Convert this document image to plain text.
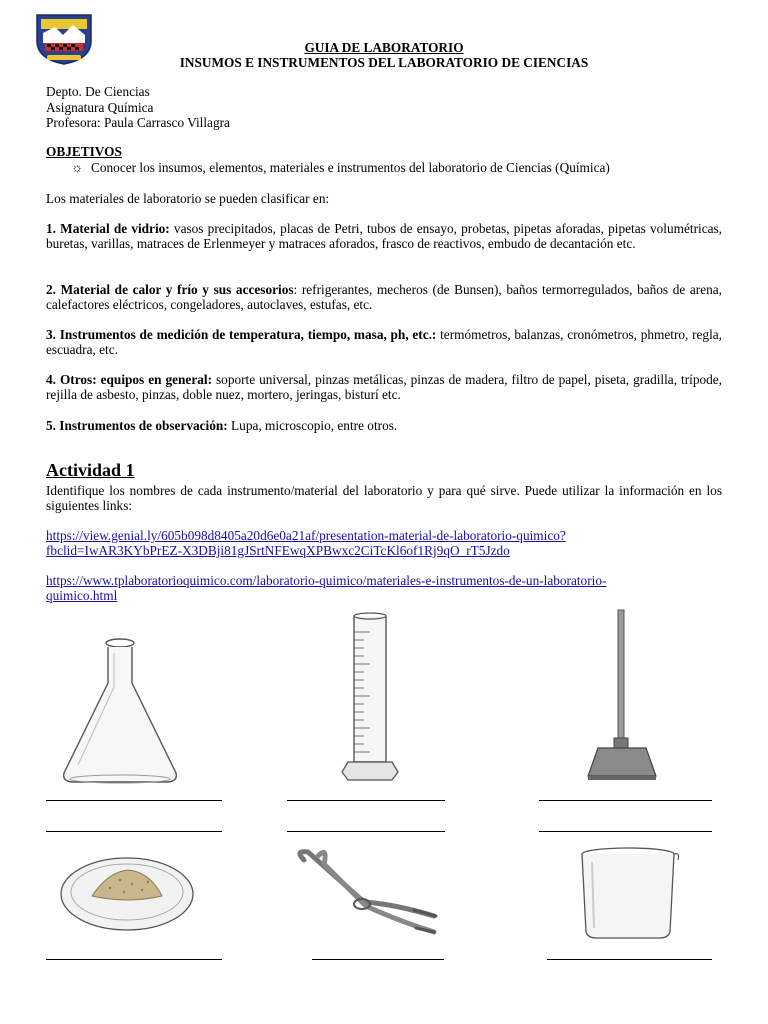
GUIA DE LABORATORIO
INSUMOS E INSTRUMENTOS DEL LABORATORIO DE CIENCIAS
Depto. De Ciencias
Asignatura Química
Profesora: Paula Carrasco Villagra
OBJETIVOS
☼ Conocer los insumos, elementos, materiales e instrumentos del laboratorio de Ciencias (Química)
Los materiales de laboratorio se pueden clasificar en:
1. Material de vidrio: vasos precipitados, placas de Petri, tubos de ensayo, probetas, pipetas aforadas, pipetas volumétricas, buretas, varillas, matraces de Erlenmeyer y matraces aforados, frasco de reactivos, embudo de decantación etc.
2. Material de calor y frío y sus accesorios: refrigerantes, mecheros (de Bunsen), baños termorregulados, baños de arena, calefactores eléctricos, congeladores, autoclaves, estufas, etc.
3. Instrumentos de medición de temperatura, tiempo, masa, ph, etc.: termómetros, balanzas, cronómetros, phmetro, regla, escuadra, etc.
4. Otros: equipos en general: soporte universal, pinzas metálicas, pinzas de madera, filtro de papel, piseta, gradilla, trípode, rejilla de asbesto, pinzas, doble nuez, mortero, jeringas, bisturí etc.
5. Instrumentos de observación: Lupa, microscopio, entre otros.
Actividad 1
Identifique los nombres de cada instrumento/material del laboratorio y para qué sirve. Puede utilizar la información en los siguientes links:
https://view.genial.ly/605b098d8405a20d6e0a21af/presentation-material-de-laboratorio-quimico?
fbclid=IwAR3KYbPrEZ-X3DBji81gJSrtNFEwqXPBwxc2CiTcKl6of1Rj9qO_rT5Jzdo
https://www.tplaboratorioquimico.com/laboratorio-quimico/materiales-e-instrumentos-de-un-laboratorio-
quimico.html
